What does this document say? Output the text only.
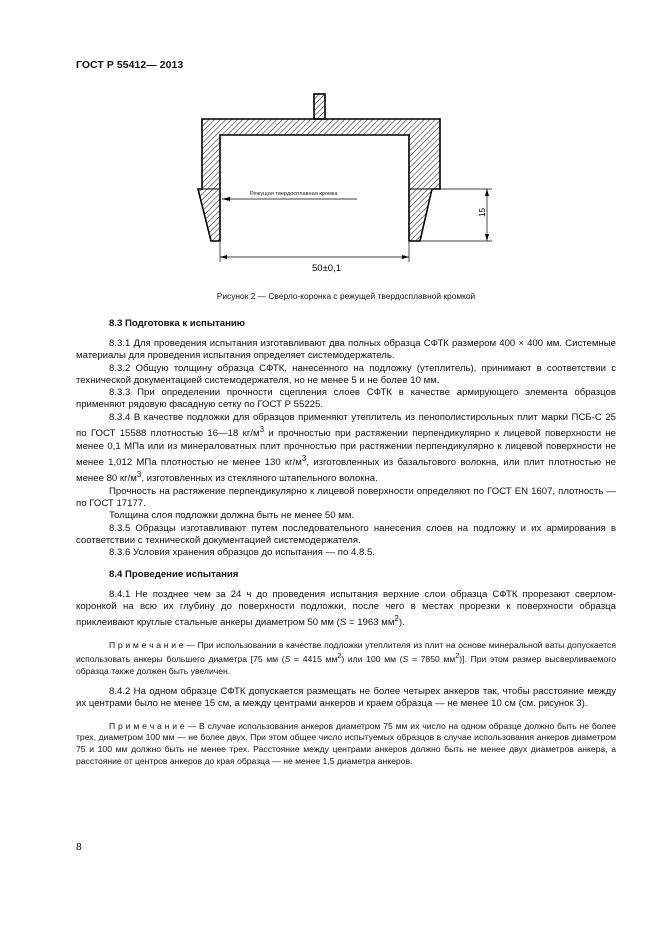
ГОСТ Р 55412— 2013
Режущая твердосплавная кромка
15
50±0,1
Рисунок 2 — Сверло-коронка с режущей твердосплавной кромкой

8.3 Подготовка к испытанию

8.3.1 Для проведения испытания изготавливают два полных образца СФТК размером 400 × 400 мм. Системные материалы для проведения испытания определяет системодержатель.

8.3.2 Общую толщину образца СФТК, нанесенного на подложку (утеплитель), принимают в соответствии с технической документацией системодержателя, но не менее 5 и не более 10 мм.

8.3.3 При определении прочности сцепления слоев СФТК в качестве армирующего элемента образцов применяют рядовую фасадную сетку по ГОСТ Р 55225.

8.3.4 В качестве подложки для образцов применяют утеплитель из пенополистирольных плит марки ПСБ-С 25 по ГОСТ 15588 плотностью 16—18 $кг/м^3$ и прочностью при растяжении перпендикулярно к лицевой поверхности не менее 0,1 МПа или из минераловатных плит прочностью при растяжении перпендикулярно к лицевой поверхности не менее 1,012 МПа плотностью не менее 130 $кг/м^3$, изготовленных из базальтового волокна, или плит плотностью не менее 80 $кг/м^3$, изготовленных из стекляного штапельного волокна.

Прочность на растяжение перпендикулярно к лицевой поверхности определяют по ГОСТ EN 1607, плотность — по ГОСТ 17177.

Толщина слоя подложки должна быть не менее 50 мм.

8.3.5 Образцы изготавливают путем последовательного нанесения слоев на подложку и их армирования в соответствии с технической документацией системодержателя.

8.3.6 Условия хранения образцов до испытания — по 4.8.5.

8.4 Проведение испытания

8.4.1 Не позднее чем за 24 ч до проведения испытания верхние слои образца СФТК прорезают сверлом-коронкой на всю их глубину до поверхности подложки, после чего в местах прорезки к поверхности образца приклеивают круглые стальные анкеры диаметром 50 мм (S = 1963 $мм^2$).

П р и м е ч а н и е — При использовании в качестве подложки утеплителя из плит на основе минеральной ваты допускается использовать анкеры большего диаметра [75 мм (S = 4415 $мм^2$) или 100 мм (S = 7850 $мм^2$)]. При этом размер высверливаемого образца также должен быть увеличен.

8.4.2 На одном образце СФТК допускается размещать не более четырех анкеров так, чтобы расстояние между их центрами было не менее 15 см, а между центрами анкеров и краем образца — не менее 10 см (см. рисунок 3).

П р и м е ч а н и е — В случае использования анкеров диаметром 75 мм их число на одном образце должно быть не более трех, диаметром 100 мм — не более двух. При этом общее число испытуемых образцов в случае использования анкеров диаметром 75 и 100 мм должно быть не менее трех. Расстояние между центрами анкеров должно быть не менее двух диаметров анкера, а расстояние от центров анкеров до края образца — не менее 1,5 диаметра анкеров.

8
